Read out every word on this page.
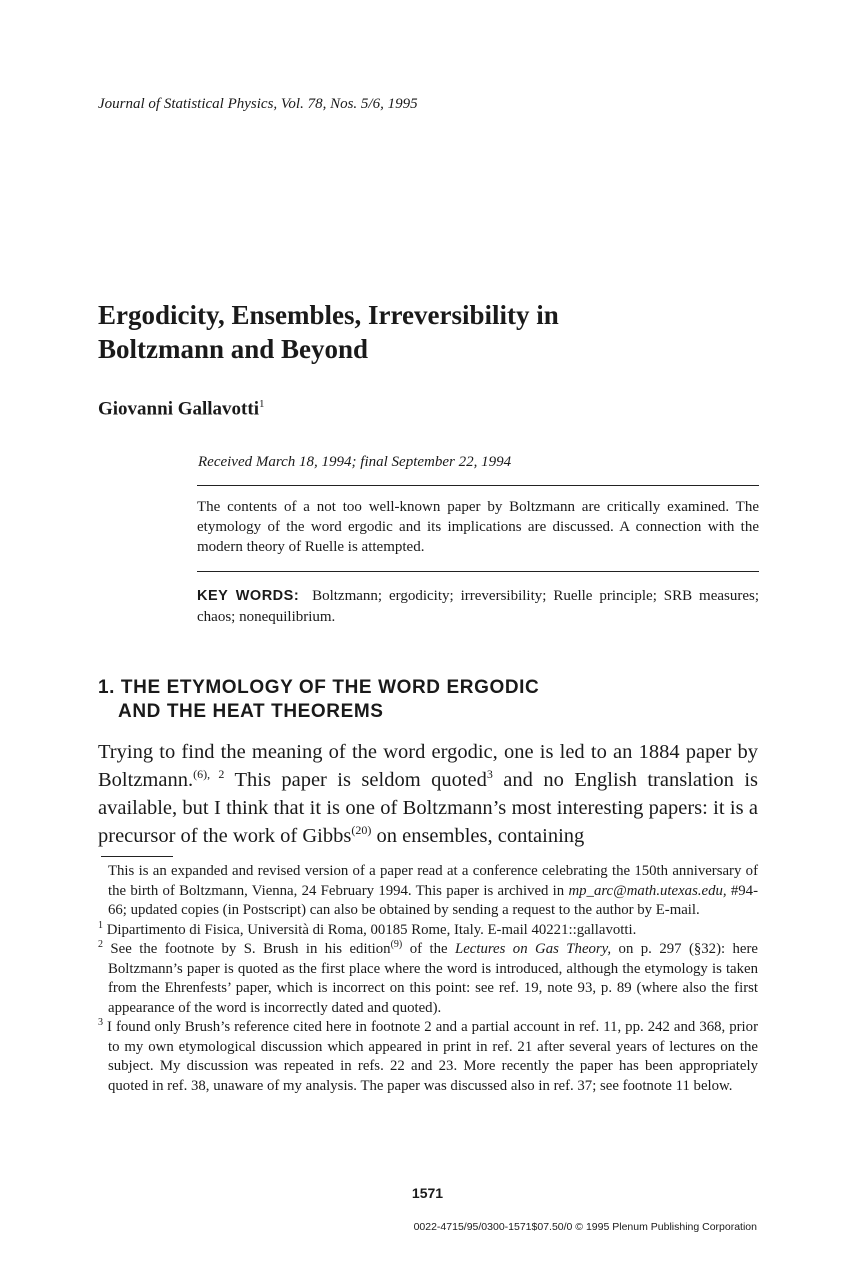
Journal of Statistical Physics, Vol. 78, Nos. 5/6, 1995
Ergodicity, Ensembles, Irreversibility in
Boltzmann and Beyond
Giovanni Gallavotti$^1$
Received March 18, 1994; final September 22, 1994
The contents of a not too well-known paper by Boltzmann are critically examined. The etymology of the word ergodic and its implications are discussed. A connection with the modern theory of Ruelle is attempted.
KEY WORDS: Boltzmann; ergodicity; irreversibility; Ruelle principle; SRB measures; chaos; nonequilibrium.
1. THE ETYMOLOGY OF THE WORD ERGODIC
AND THE HEAT THEOREMS
Trying to find the meaning of the word ergodic, one is led to an 1884 paper by Boltzmann.$^{(6), 2}$ This paper is seldom quoted$^3$ and no English translation is available, but I think that it is one of Boltzmann’s most interesting papers: it is a precursor of the work of Gibbs$^{(20)}$ on ensembles, containing

This is an expanded and revised version of a paper read at a conference celebrating the 150th anniversary of the birth of Boltzmann, Vienna, 24 February 1994. This paper is archived in mp_arc@math.utexas.edu, #94-66; updated copies (in Postscript) can also be obtained by sending a request to the author by E-mail.

$^1$ Dipartimento di Fisica, Università di Roma, 00185 Rome, Italy. E-mail 40221::gallavotti.

$^2$ See the footnote by S. Brush in his edition$^{(9)}$ of the Lectures on Gas Theory, on p. 297 (§32): here Boltzmann’s paper is quoted as the first place where the word is introduced, although the etymology is taken from the Ehrenfests’ paper, which is incorrect on this point: see ref. 19, note 93, p. 89 (where also the first appearance of the word is incorrectly dated and quoted).

$^3$ I found only Brush’s reference cited here in footnote 2 and a partial account in ref. 11, pp. 242 and 368, prior to my own etymological discussion which appeared in print in ref. 21 after several years of lectures on the subject. My discussion was repeated in refs. 22 and 23. More recently the paper has been appropriately quoted in ref. 38, unaware of my analysis. The paper was discussed also in ref. 37; see footnote 11 below.

1571
0022-4715/95/0300-1571$07.50/0 © 1995 Plenum Publishing Corporation
